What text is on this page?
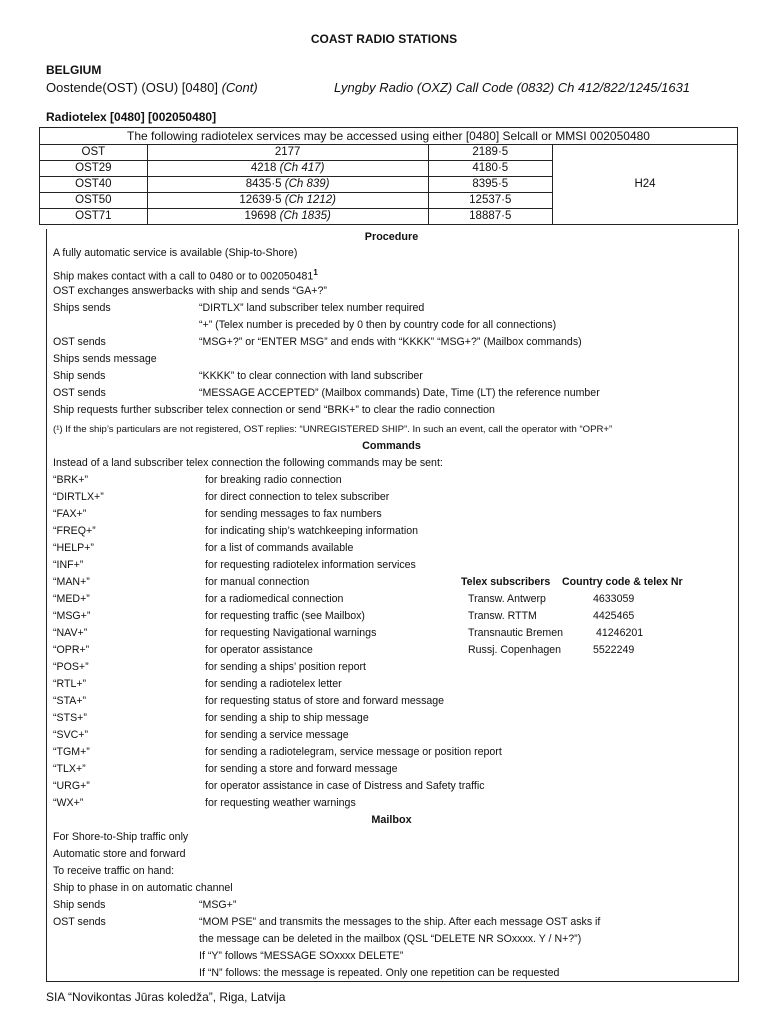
COAST RADIO STATIONS
BELGIUM
Oostende(OST) (OSU) [0480] (Cont)	Lyngby Radio (OXZ) Call Code (0832) Ch 412/822/1245/1631
Radiotelex [0480] [002050480]
The following radiotelex services may be accessed using either [0480] Selcall or MMSI 002050480			
OST	2177	2189·5	H24
OST29	4218 (Ch 417)	4180·5	
OST40	8435·5 (Ch 839)	8395·5	
OST50	12639·5 (Ch 1212)	12537·5	
OST71	19698 (Ch 1835)	18887·5	
Procedure
A fully automatic service is available (Ship-to-Shore)
Ship makes contact with a call to 0480 or to 002050481$^1$
OST exchanges answerbacks with ship and sends “GA+?”
Ships sends	“DIRTLX” land subscriber telex number required
“+” (Telex number is preceded by 0 then by country code for all connections)
OST sends	“MSG+?” or “ENTER MSG” and ends with “KKKK” “MSG+?” (Mailbox commands)
Ships sends message
Ship sends	“KKKK” to clear connection with land subscriber
OST sends	“MESSAGE ACCEPTED” (Mailbox commands) Date, Time (LT) the reference number
Ship requests further subscriber telex connection or send “BRK+” to clear the radio connection
(¹) If the ship’s particulars are not registered, OST replies: “UNREGISTERED SHIP”. In such an event, call the operator with “OPR+”
Commands
Instead of a land subscriber telex connection the following commands may be sent:
“BRK+”	for breaking radio connection
“DIRTLX+”	for direct connection to telex subscriber
“FAX+”	for sending messages to fax numbers
“FREQ+”	for indicating ship’s watchkeeping information
“HELP+”	for a list of commands available
“INF+”	for requesting radiotelex information services
“MAN+”	for manual connection
“MED+”	for a radiomedical connection
“MSG+”	for requesting traffic (see Mailbox)
“NAV+”	for requesting Navigational warnings
“OPR+”	for operator assistance
“POS+”	for sending a ships’ position report
“RTL+”	for sending a radiotelex letter
“STA+”	for requesting status of store and forward message
“STS+”	for sending a ship to ship message
“SVC+”	for sending a service message
“TGM+”	for sending a radiotelegram, service message or position report
“TLX+”	for sending a store and forward message
“URG+”	for operator assistance in case of Distress and Safety traffic
“WX+”	for requesting weather warnings
Telex subscribers Country code & telex Nr
Transw. Antwerp	4633059
Transw. RTTM	4425465
Transnautic Bremen	41246201
Russj. Copenhagen	5522249
Mailbox
For Shore-to-Ship traffic only
Automatic store and forward
To receive traffic on hand:
Ship to phase in on automatic channel
Ship sends	“MSG+”
OST sends	“MOM PSE” and transmits the messages to the ship. After each message OST asks if
the message can be deleted in the mailbox (QSL “DELETE NR SOxxxx. Y / N+?”)
If “Y” follows “MESSAGE SOxxxx DELETE”
If “N” follows: the message is repeated. Only one repetition can be requested
SIA “Novikontas Jūras koledža”, Riga, Latvija
